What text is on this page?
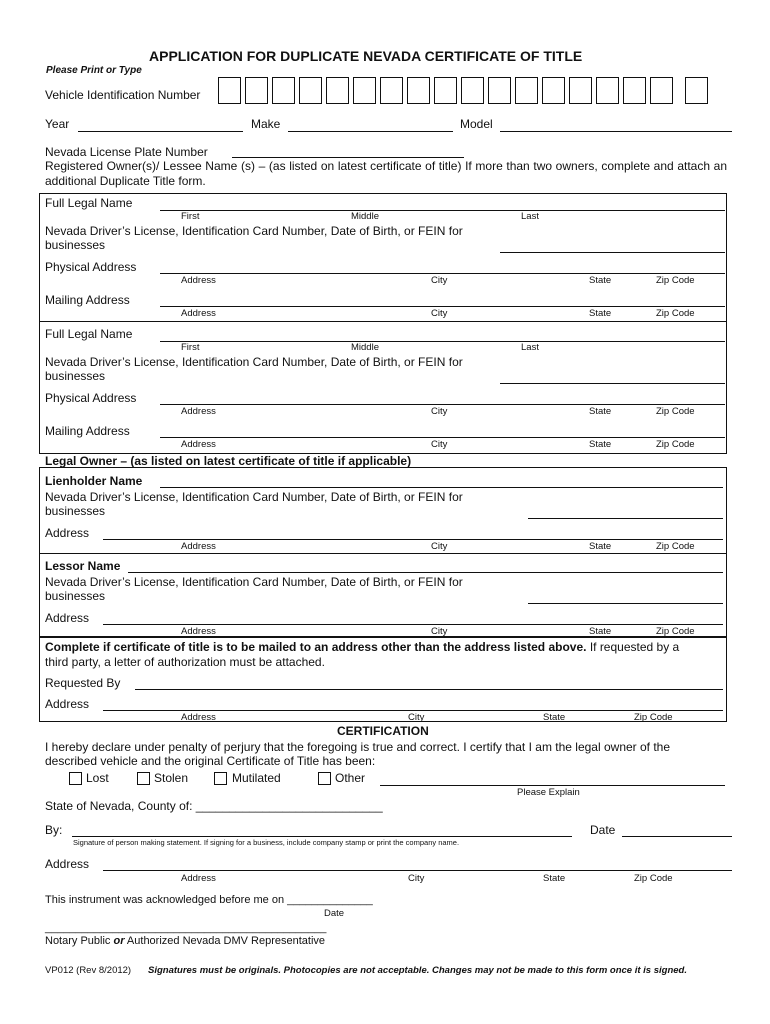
APPLICATION FOR DUPLICATE NEVADA CERTIFICATE OF TITLE
Please Print or Type
Vehicle Identification Number
Year	Make	Model
Nevada License Plate Number
Registered Owner(s)/ Lessee Name (s) – (as listed on latest certificate of title) If more than two owners, complete and attach an additional Duplicate Title form.
Full Legal Name
First	Middle	Last
Nevada Driver’s License, Identification Card Number, Date of Birth, or FEIN for
businesses
Physical Address
Address	City	State	Zip Code
Mailing Address
Address	City	State	Zip Code
Full Legal Name
First	Middle	Last
Nevada Driver’s License, Identification Card Number, Date of Birth, or FEIN for
businesses
Physical Address
Address	City	State	Zip Code
Mailing Address
Address	City	State	Zip Code
Legal Owner – (as listed on latest certificate of title if applicable)
Lienholder Name
Nevada Driver’s License, Identification Card Number, Date of Birth, or FEIN for
businesses
Address
Address	City	State	Zip Code
Lessor Name
Nevada Driver’s License, Identification Card Number, Date of Birth, or FEIN for
businesses
Address
Address	City	State	Zip Code
Complete if certificate of title is to be mailed to an address other than the address listed above. If requested by a
third party, a letter of authorization must be attached.
Requested By
Address
Address	City	State	Zip Code
CERTIFICATION
I hereby declare under penalty of perjury that the foregoing is true and correct. I certify that I am the legal owner of the
described vehicle and the original Certificate of Title has been:
Lost	Stolen	Mutilated	Other
Please Explain
State of Nevada, County of: ____________________________
By:
Signature of person making statement. If signing for a business, include company stamp or print the company name.
Date
Address
Address	City	State	Zip Code
This instrument was acknowledged before me on ______________
Date
______________________________________________
Notary Public or Authorized Nevada DMV Representative
VP012 (Rev 8/2012) Signatures must be originals. Photocopies are not acceptable. Changes may not be made to this form once it is signed.
